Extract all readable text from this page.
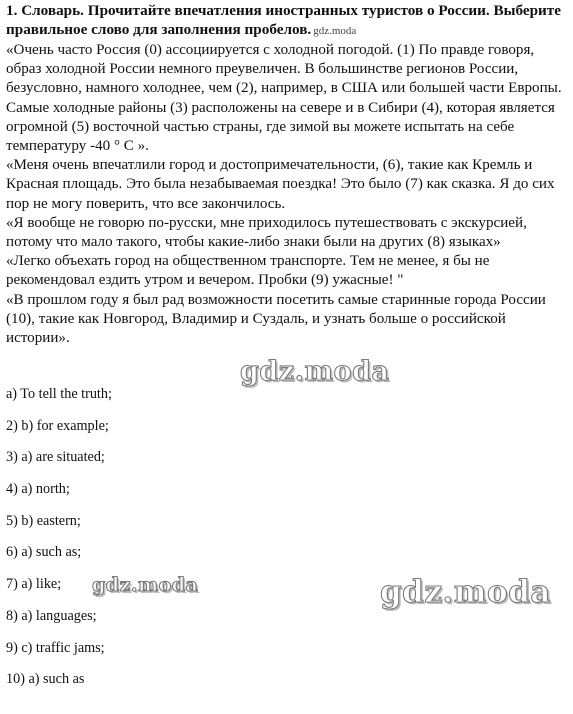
1. Словарь. Прочитайте впечатления иностранных туристов о России. Выберите правильное слово для заполнения пробелов. gdz.moda

«Очень часто Россия (0) ассоциируется с холодной погодой. (1) По правде говоря, образ холодной России немного преувеличен. В большинстве регионов России, безусловно, намного холоднее, чем (2), например, в США или большей части Европы. Самые холодные районы (3) расположены на севере и в Сибири (4), которая является огромной (5) восточной частью страны, где зимой вы можете испытать на себе температуру -40 ° C ».

«Меня очень впечатлили город и достопримечательности, (6), такие как Кремль и Красная площадь. Это была незабываемая поездка! Это было (7) как сказка. Я до сих пор не могу поверить, что все закончилось.

«Я вообще не говорю по-русски, мне приходилось путешествовать с экскурсией, потому что мало такого, чтобы какие-либо знаки были на других (8) языках»

«Легко объехать город на общественном транспорте. Тем не менее, я бы не рекомендовал ездить утром и вечером. Пробки (9) ужасные! "

«В прошлом году я был рад возможности посетить самые старинные города России (10), такие как Новгород, Владимир и Суздаль, и узнать больше о российской истории».

a) To tell the truth;
2) b) for example;
3) a) are situated;
4) a) north;
5) b) eastern;
6) a) such as;
7) a) like;
8) a) languages;
9) c) traffic jams;
10) a) such as
gdz.moda
gdz.moda	gdz.moda
